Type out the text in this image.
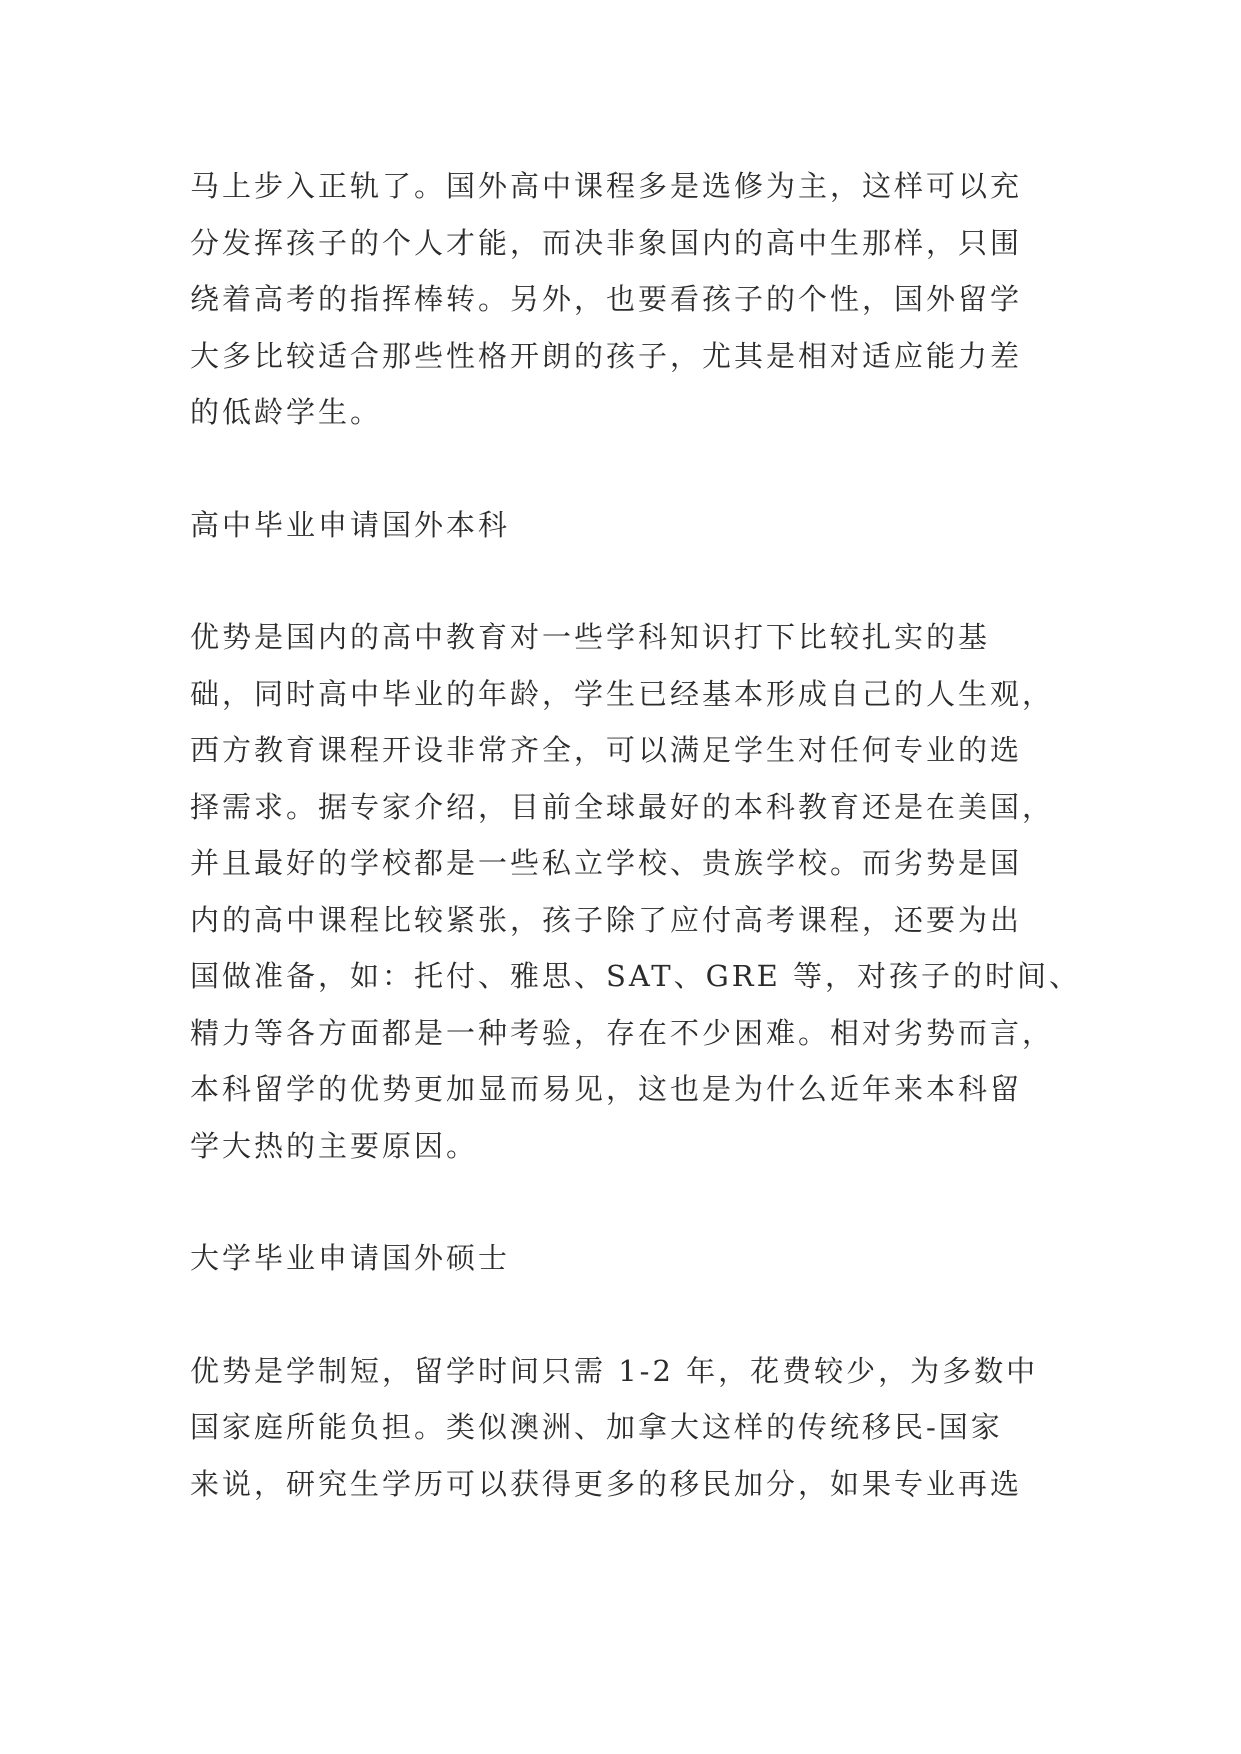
马上步入正轨了。国外高中课程多是选修为主，这样可以充
分发挥孩子的个人才能，而决非象国内的高中生那样，只围
绕着高考的指挥棒转。另外，也要看孩子的个性，国外留学
大多比较适合那些性格开朗的孩子，尤其是相对适应能力差
的低龄学生。
高中毕业申请国外本科
优势是国内的高中教育对一些学科知识打下比较扎实的基
础，同时高中毕业的年龄，学生已经基本形成自己的人生观，
西方教育课程开设非常齐全，可以满足学生对任何专业的选
择需求。据专家介绍，目前全球最好的本科教育还是在美国，
并且最好的学校都是一些私立学校、贵族学校。而劣势是国
内的高中课程比较紧张，孩子除了应付高考课程，还要为出
国做准备，如：托付、雅思、SAT、GRE 等，对孩子的时间、
精力等各方面都是一种考验，存在不少困难。相对劣势而言，
本科留学的优势更加显而易见，这也是为什么近年来本科留
学大热的主要原因。
大学毕业申请国外硕士
优势是学制短，留学时间只需 1-2 年，花费较少，为多数中
国家庭所能负担。类似澳洲、加拿大这样的传统移民-国家
来说，研究生学历可以获得更多的移民加分，如果专业再选
